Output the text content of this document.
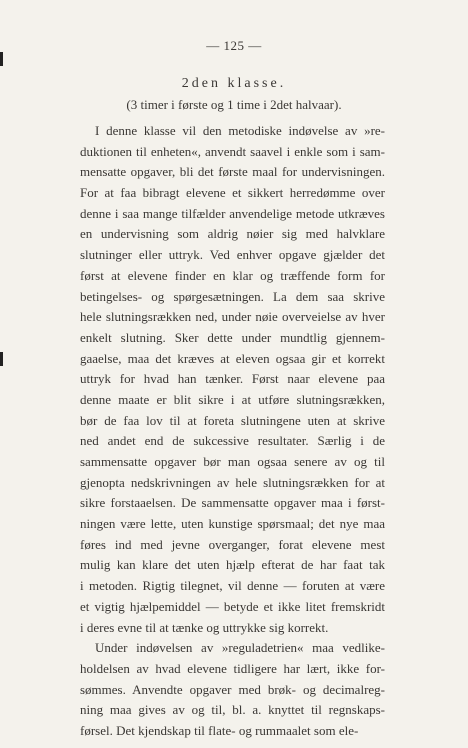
— 125 —
2den klasse.
(3 timer i første og 1 time i 2det halvaar).
I denne klasse vil den metodiske indøvelse av »re-
duktionen til enheten«, anvendt saavel i enkle som i sam-
mensatte opgaver, bli det første maal for undervisningen.
For at faa bibragt elevene et sikkert herredømme over
denne i saa mange tilfælder anvendelige metode utkræves
en undervisning som aldrig nøier sig med halvklare
slutninger eller uttryk. Ved enhver opgave gjælder det
først at elevene finder en klar og træffende form for
betingelses- og spørgesætningen. La dem saa skrive
hele slutningsrækken ned, under nøie overveielse av hver
enkelt slutning. Sker dette under mundtlig gjennem-
gaaelse, maa det kræves at eleven ogsaa gir et korrekt
uttryk for hvad han tænker. Først naar elevene paa
denne maate er blit sikre i at utføre slutningsrækken,
bør de faa lov til at foreta slutningene uten at skrive
ned andet end de sukcessive resultater. Særlig i de
sammensatte opgaver bør man ogsaa senere av og til
gjenopta nedskrivningen av hele slutningsrækken for at
sikre forstaaelsen. De sammensatte opgaver maa i først-
ningen være lette, uten kunstige spørsmaal; det nye maa
føres ind med jevne overganger, forat elevene mest
mulig kan klare det uten hjælp efterat de har faat tak
i metoden. Rigtig tilegnet, vil denne — foruten at være
et vigtig hjælpemiddel — betyde et ikke litet fremskridt
i deres evne til at tænke og uttrykke sig korrekt.
Under indøvelsen av »reguladetrien« maa vedlike-
holdelsen av hvad elevene tidligere har lært, ikke for-
sømmes. Anvendte opgaver med brøk- og decimalreg-
ning maa gives av og til, bl. a. knyttet til regnskaps-
førsel. Det kjendskap til flate- og rummaalet som ele-
